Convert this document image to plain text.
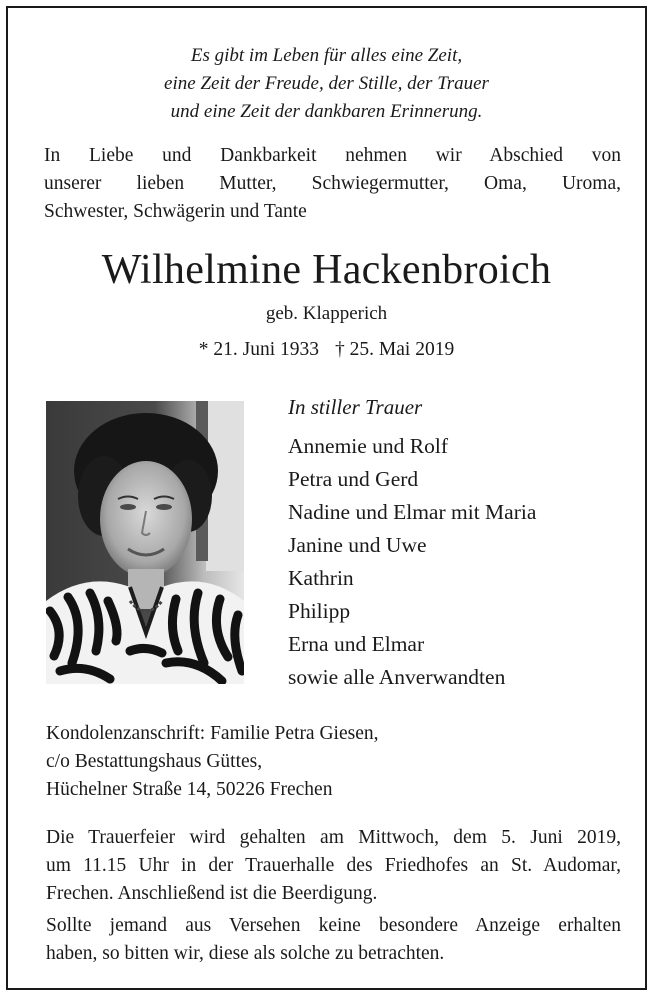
Es gibt im Leben für alles eine Zeit,
eine Zeit der Freude, der Stille, der Trauer
und eine Zeit der dankbaren Erinnerung.
In Liebe und Dankbarkeit nehmen wir Abschied von
unserer lieben Mutter, Schwiegermutter, Oma, Uroma,
Schwester, Schwägerin und Tante
Wilhelmine Hackenbroich
geb. Klapperich
* 21. Juni 1933 † 25. Mai 2019
In stiller Trauer
Annemie und Rolf
Petra und Gerd
Nadine und Elmar mit Maria
Janine und Uwe
Kathrin
Philipp
Erna und Elmar
sowie alle Anverwandten
Kondolenzanschrift: Familie Petra Giesen,
c/o Bestattungshaus Güttes,
Hüchelner Straße 14, 50226 Frechen
Die Trauerfeier wird gehalten am Mittwoch, dem 5. Juni 2019,
um 11.15 Uhr in der Trauerhalle des Friedhofes an St. Audomar,
Frechen. Anschließend ist die Beerdigung.
Sollte jemand aus Versehen keine besondere Anzeige erhalten
haben, so bitten wir, diese als solche zu betrachten.
